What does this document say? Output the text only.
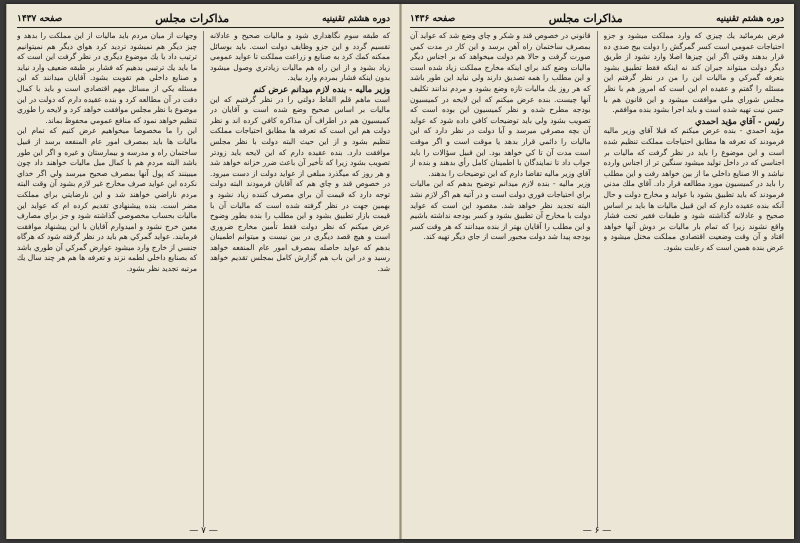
دوره هشتم تقنينيه
مذاكرات مجلس
صفحه ۱۴۳۷

كه طبقه سوم نگاهداري شود و ماليات صحيح و عادلانه تقسيم گردد و اين جزو وظايف دولت است. بايد بوسائل ممكنه كمك كرد به صنايع و زراعت مملكت تا عوايد عمومي زياد بشود و از اين راه هم ماليات زيادتري وصول ميشود بدون اينكه فشار بمردم وارد بيايد.

وزير ماليه - بنده لازم ميدانم عرض كنم

است ماهم قلم الفاظ دولتي را در نظر گرفتيم كه اين ماليات بر اساس صحيح وضع شده است و آقايان در كميسيون هم در اطراف آن مذاكره كافي كرده اند و نظر دولت هم اين است كه تعرفه ها مطابق احتياجات مملكت تنظيم بشود و از اين حيث البته دولت با نظر مجلس موافقت دارد. بنده عقيده دارم كه اين لايحه بايد زودتر تصويب بشود زيرا كه تأخير آن باعث ضرر خزانه خواهد شد و هر روز كه ميگذرد مبلغي از عوايد دولت از دست ميرود. در خصوص قند و چاي هم كه آقايان فرمودند البته دولت توجه دارد كه قيمت آن براي مصرف كننده زياد نشود و بهمين جهت در نظر گرفته شده است كه ماليات آن با قيمت بازار تطبيق بشود و اين مطلب را بنده بطور وضوح عرض ميكنم كه نظر دولت فقط تأمين مخارج ضروري است و هيچ قصد ديگري در بين نيست و ميتوانم اطمينان بدهم كه عوايد حاصله بمصرف امور عام المنفعه خواهد رسيد و در اين باب هم گزارش كامل بمجلس تقديم خواهد شد.

وجهات از ميان مردم بايد ماليات از اين مملكت را بدهد و چيز ديگر هم نميشود ترديد كرد هواي ديگر هم نميتوانيم ترتيب داد يا يك موضوع ديگري در نظر گرفت اين است كه ما بايد يك ترتيبي بدهيم كه فشار بر طبقه ضعيف وارد نيايد و صنايع داخلي هم تقويت بشود. آقايان ميدانند كه اين مسئله يكي از مسائل مهم اقتصادي است و بايد با كمال دقت در آن مطالعه كرد و بنده عقيده دارم كه دولت در اين موضوع با نظر مجلس موافقت خواهد كرد و لايحه را طوري تنظيم خواهد نمود كه منافع عمومي محفوظ بماند.

اين را ما مخصوصا ميخواهيم عرض كنيم كه تمام اين ماليات ها بايد بمصرف امور عام المنفعه برسد از قبيل ساختمان راه و مدرسه و بيمارستان و غيره و اگر اين طور باشد البته مردم هم با كمال ميل ماليات خواهند داد چون ميبينند كه پول آنها بمصرف صحيح ميرسد ولي اگر خداي نكرده اين عوايد صرف مخارج غير لازم بشود آن وقت البته مردم ناراضي خواهند شد و اين نارضايتي براي مملكت مضر است. بنده پيشنهادي تقديم كرده ام كه عوايد اين ماليات بحساب مخصوصي گذاشته شود و جز براي مصارف معين خرج نشود و اميدوارم آقايان با اين پيشنهاد موافقت فرمايند. عوايد گمركي هم بايد در نظر گرفته شود كه هرگاه جنسي از خارج وارد ميشود عوارض گمركي آن طوري باشد كه بصنايع داخلي لطمه نزند و تعرفه ها هم هر چند سال يك مرتبه تجديد نظر بشود.

— ۷ —
دوره هشتم تقنينيه
مذاكرات مجلس
صفحه ۱۴۳۶

فرض بفرمائيد يك چيزي كه وارد مملكت ميشود و جزو احتياجات عمومي است كسر گمرگش را دولت بيج صدي ده قرار بدهند وقتي اگر اين چيزها اصلا وارد نشود از طريق ديگر دولت ميتواند جبران كند نه اينكه فقط تطبيق بشود بتعرفه گمركي و ماليات اين را من در نظر گرفتم اين مسئله را گفتم و عقيده ام اين است كه امروز هم با نظر مجلس شوراي ملي موافقت ميشود و اين قانون هم با حسن نيت تهيه شده است و بايد اجرا بشود بنده موافقم.

رئيس - آقاي مؤيد احمدي

مؤيد احمدي - بنده عرض ميكنم كه قبلا آقاي وزير ماليه فرمودند كه تعرفه ها مطابق احتياجات مملكت تنظيم شده است و اين موضوع را بايد در نظر گرفت كه ماليات بر اجناسي كه در داخل توليد ميشود سنگين تر از اجناس وارده نباشد و الا صنايع داخلي ما از بين خواهد رفت و اين مطلب را بايد در كميسيون مورد مطالعه قرار داد. آقاي ملك مدني فرمودند كه بايد تطبيق بشود با عوايد و مخارج دولت و حال آنكه بنده عقيده دارم كه اين قبيل ماليات ها بايد بر اساس صحيح و عادلانه گذاشته شود و طبقات فقير تحت فشار واقع نشوند زيرا كه تمام بار ماليات بر دوش آنها خواهد افتاد و آن وقت وضعيت اقتصادي مملكت مختل ميشود و عرض بنده همين است كه رعايت بشود.

قانوني در خصوص قند و شكر و چاي وضع شد كه عوايد آن بمصرف ساختمان راه آهن برسد و اين كار در مدت كمي صورت گرفت و حالا هم دولت ميخواهد كه بر اجناس ديگر ماليات وضع كند براي اينكه مخارج مملكت زياد شده است و اين مطلب را همه تصديق دارند ولي نبايد اين طور باشد كه هر روز يك ماليات تازه وضع بشود و مردم ندانند تكليف آنها چيست. بنده عرض ميكنم كه اين لايحه در كميسيون بودجه مطرح شده و نظر كميسيون اين بوده است كه تصويب بشود ولي بايد توضيحات كافي داده شود كه عوايد آن بچه مصرفي ميرسد و آيا دولت در نظر دارد كه اين ماليات را دائمي قرار بدهد يا موقت است و اگر موقت است مدت آن تا كي خواهد بود. اين قبيل سؤالات را بايد جواب داد تا نمايندگان با اطمينان كامل رأي بدهند و بنده از آقاي وزير ماليه تقاضا دارم كه اين توضيحات را بدهند.

وزير ماليه - بنده لازم ميدانم توضيح بدهم كه اين ماليات براي احتياجات فوري دولت است و در آتيه هم اگر لازم نشد البته تجديد نظر خواهد شد. مقصود اين است كه عوايد دولت با مخارج آن تطبيق بشود و كسر بودجه نداشته باشيم و اين مطلب را آقايان بهتر از بنده ميدانند كه هر وقت كسر بودجه پيدا شد دولت مجبور است از جاي ديگر تهيه كند.

— ۶ —
